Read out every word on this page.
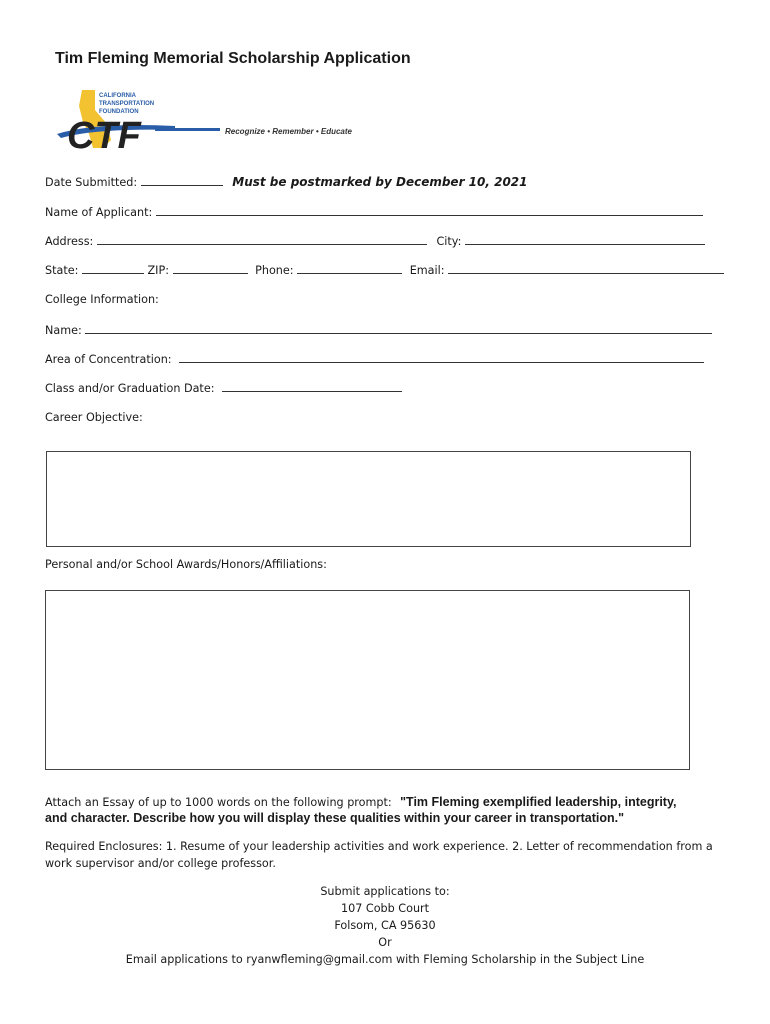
Tim Fleming Memorial Scholarship Application
CTF
CALIFORNIA
TRANSPORTATION
FOUNDATION
Recognize • Remember • Educate
Date Submitted:	Must be postmarked by December 10, 2021
Name of Applicant:
Address:	City:
State:	ZIP:	Phone:	Email:
College Information:
Name:
Area of Concentration:
Class and/or Graduation Date:
Career Objective:
Personal and/or School Awards/Honors/Affiliations:
Attach an Essay of up to 1000 words on the following prompt: "Tim Fleming exemplified leadership, integrity,
and character. Describe how you will display these qualities within your career in transportation."
Required Enclosures: 1. Resume of your leadership activities and work experience. 2. Letter of recommendation from a
work supervisor and/or college professor.
Submit applications to:
107 Cobb Court
Folsom, CA 95630
Or
Email applications to ryanwfleming@gmail.com with Fleming Scholarship in the Subject Line
